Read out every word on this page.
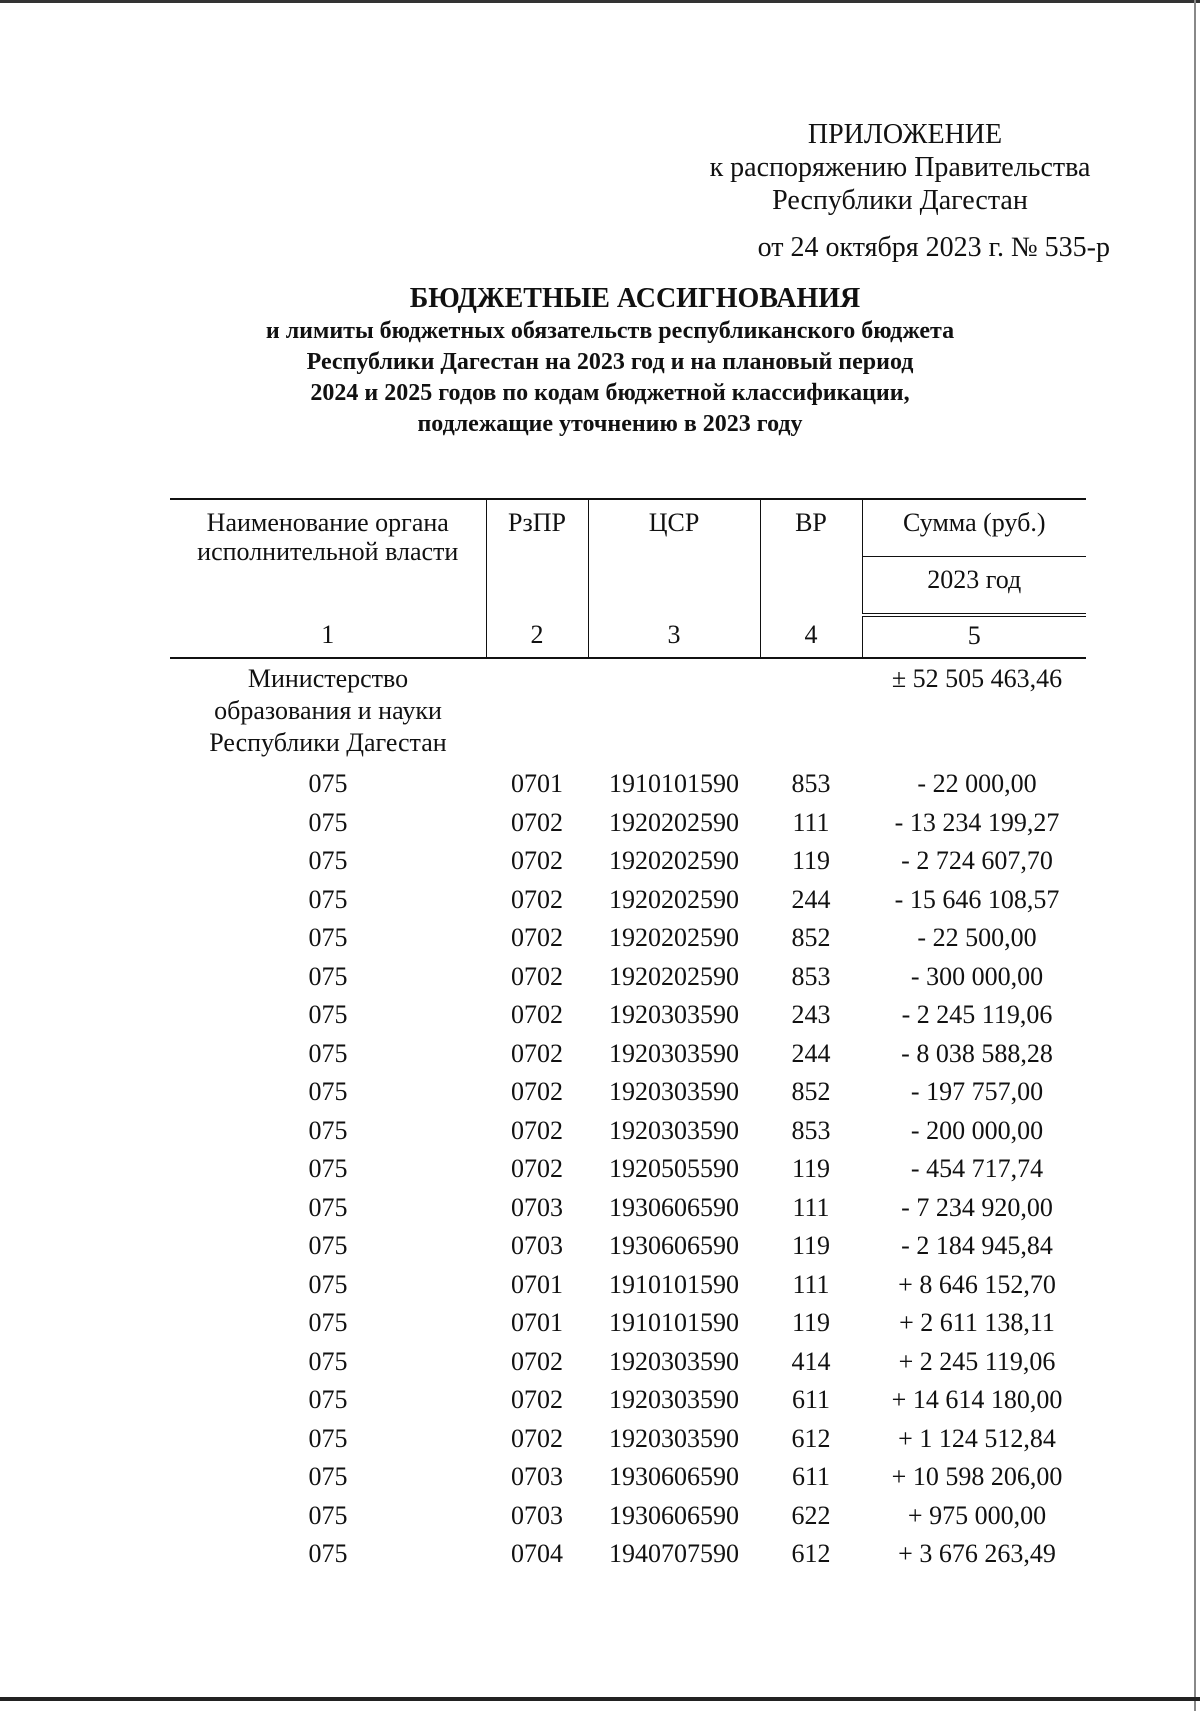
ПРИЛОЖЕНИЕ
к распоряжению Правительства
Республики Дагестан
от 24 октября 2023 г. № 535-р
БЮДЖЕТНЫЕ АССИГНОВАНИЯ
и лимиты бюджетных обязательств республиканского бюджета
Республики Дагестан на 2023 год и на плановый период
2024 и 2025 годов по кодам бюджетной классификации,
подлежащие уточнению в 2023 году
Наименование органа исполнительной власти	РзПР	ЦСР	ВР	Сумма (руб.)
				2023 год
1	2	3	4	5

Министерство
образования и науки
Республики Дагестан				± 52 505 463,46
075	0701	1910101590	853	- 22 000,00
075	0702	1920202590	111	- 13 234 199,27
075	0702	1920202590	119	- 2 724 607,70
075	0702	1920202590	244	- 15 646 108,57
075	0702	1920202590	852	- 22 500,00
075	0702	1920202590	853	- 300 000,00
075	0702	1920303590	243	- 2 245 119,06
075	0702	1920303590	244	- 8 038 588,28
075	0702	1920303590	852	- 197 757,00
075	0702	1920303590	853	- 200 000,00
075	0702	1920505590	119	- 454 717,74
075	0703	1930606590	111	- 7 234 920,00
075	0703	1930606590	119	- 2 184 945,84
075	0701	1910101590	111	+ 8 646 152,70
075	0701	1910101590	119	+ 2 611 138,11
075	0702	1920303590	414	+ 2 245 119,06
075	0702	1920303590	611	+ 14 614 180,00
075	0702	1920303590	612	+ 1 124 512,84
075	0703	1930606590	611	+ 10 598 206,00
075	0703	1930606590	622	+ 975 000,00
075	0704	1940707590	612	+ 3 676 263,49
